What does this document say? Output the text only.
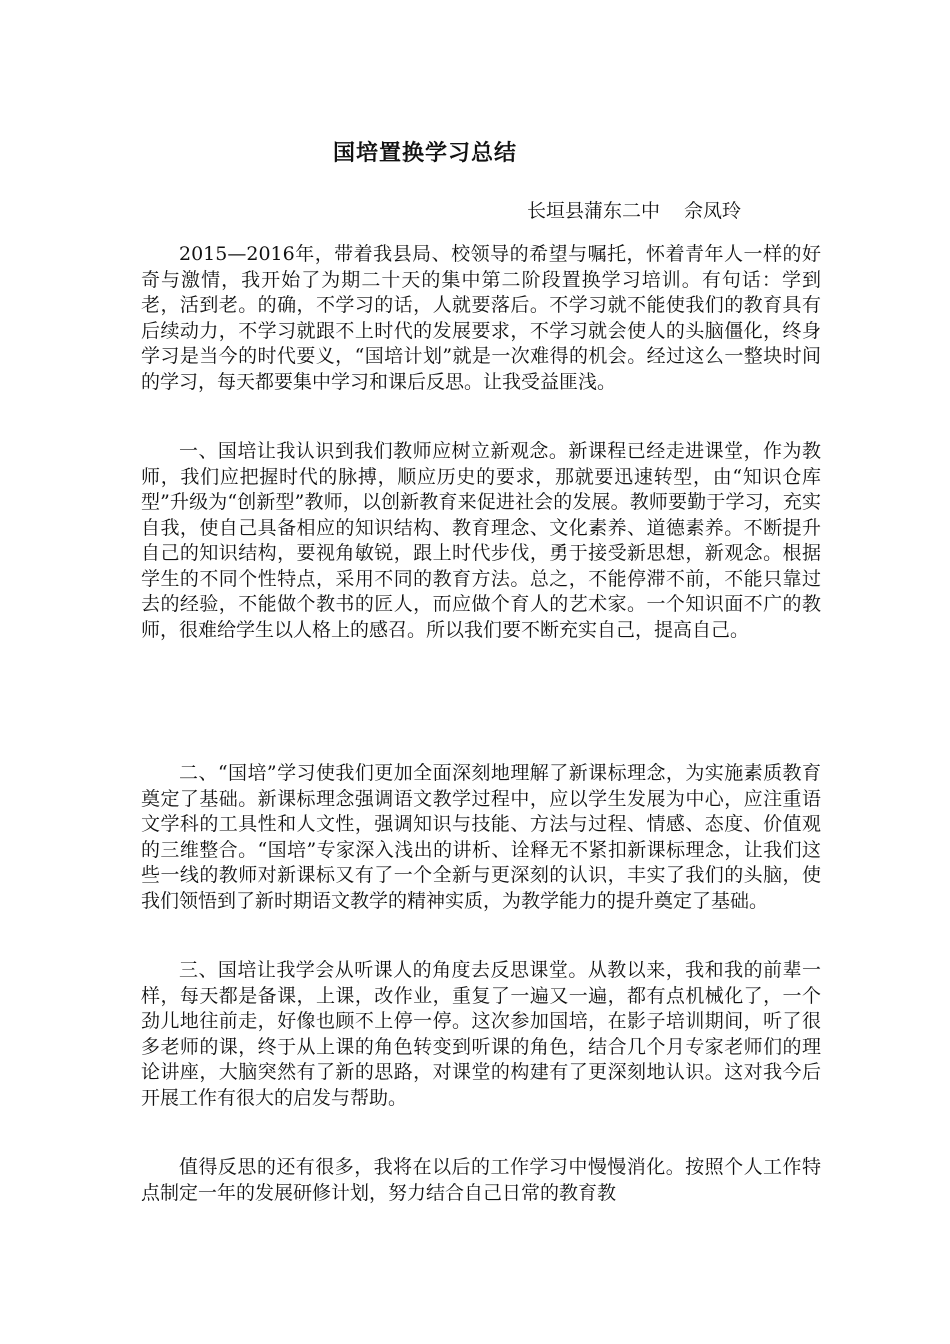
国培置换学习总结

长垣县蒲东二中 佘凤玲

2015—2016年，带着我县局、校领导的希望与嘱托，怀着青年人一样的好奇与激情，我开始了为期二十天的集中第二阶段置换学习培训。有句话：学到老，活到老。的确，不学习的话，人就要落后。不学习就不能使我们的教育具有后续动力，不学习就跟不上时代的发展要求，不学习就会使人的头脑僵化，终身学习是当今的时代要义，“国培计划”就是一次难得的机会。经过这么一整块时间的学习，每天都要集中学习和课后反思。让我受益匪浅。

一、国培让我认识到我们教师应树立新观念。新课程已经走进课堂，作为教师，我们应把握时代的脉搏，顺应历史的要求，那就要迅速转型，由“知识仓库型”升级为“创新型”教师，以创新教育来促进社会的发展。教师要勤于学习，充实自我，使自己具备相应的知识结构、教育理念、文化素养、道德素养。不断提升自己的知识结构，要视角敏锐，跟上时代步伐，勇于接受新思想，新观念。根据学生的不同个性特点，采用不同的教育方法。总之，不能停滞不前，不能只靠过去的经验，不能做个教书的匠人，而应做个育人的艺术家。一个知识面不广的教师，很难给学生以人格上的感召。所以我们要不断充实自己，提高自己。

二、“国培”学习使我们更加全面深刻地理解了新课标理念，为实施素质教育奠定了基础。新课标理念强调语文教学过程中，应以学生发展为中心，应注重语文学科的工具性和人文性，强调知识与技能、方法与过程、情感、态度、价值观的三维整合。“国培”专家深入浅出的讲析、诠释无不紧扣新课标理念，让我们这些一线的教师对新课标又有了一个全新与更深刻的认识，丰实了我们的头脑，使我们领悟到了新时期语文教学的精神实质，为教学能力的提升奠定了基础。

三、国培让我学会从听课人的角度去反思课堂。从教以来，我和我的前辈一样，每天都是备课，上课，改作业，重复了一遍又一遍，都有点机械化了，一个劲儿地往前走，好像也顾不上停一停。这次参加国培，在影子培训期间，听了很多老师的课，终于从上课的角色转变到听课的角色，结合几个月专家老师们的理论讲座，大脑突然有了新的思路，对课堂的构建有了更深刻地认识。这对我今后开展工作有很大的启发与帮助。

值得反思的还有很多，我将在以后的工作学习中慢慢消化。按照个人工作特点制定一年的发展研修计划，努力结合自己日常的教育教
